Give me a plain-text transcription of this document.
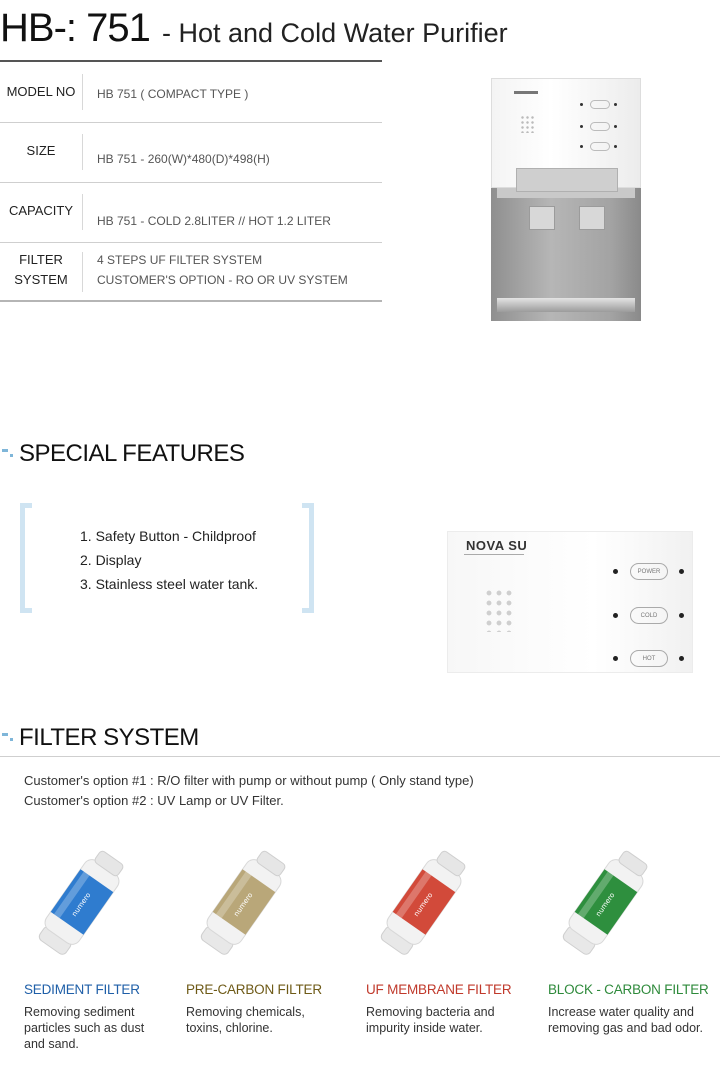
HB-: 751 - Hot and Cold Water Purifier
MODEL NO	HB 751 ( COMPACT TYPE )
SIZE
HB 751 - 260(W)*480(D)*498(H)
CAPACITY
HB 751 - COLD 2.8LITER // HOT 1.2 LITER
FILTER
SYSTEM
4 STEPS UF FILTER SYSTEM
CUSTOMER'S OPTION - RO OR UV SYSTEM
SPECIAL FEATURES
1. Safety Button - Childproof
2. Display
3. Stainless steel water tank.
NOVA SU
POWER
COLD
HOT
FILTER SYSTEM
Customer's option #1 : R/O filter with pump or without pump ( Only stand type)
Customer's option #2 : UV Lamp or UV Filter.
numero
SEDIMENT FILTER
Removing sediment
particles such as dust
and sand.
numero
PRE-CARBON FILTER
Removing chemicals,
toxins, chlorine.
numero
UF MEMBRANE FILTER
Removing bacteria and
impurity inside water.
numero
BLOCK - CARBON FILTER
Increase water quality and
removing gas and bad odor.
